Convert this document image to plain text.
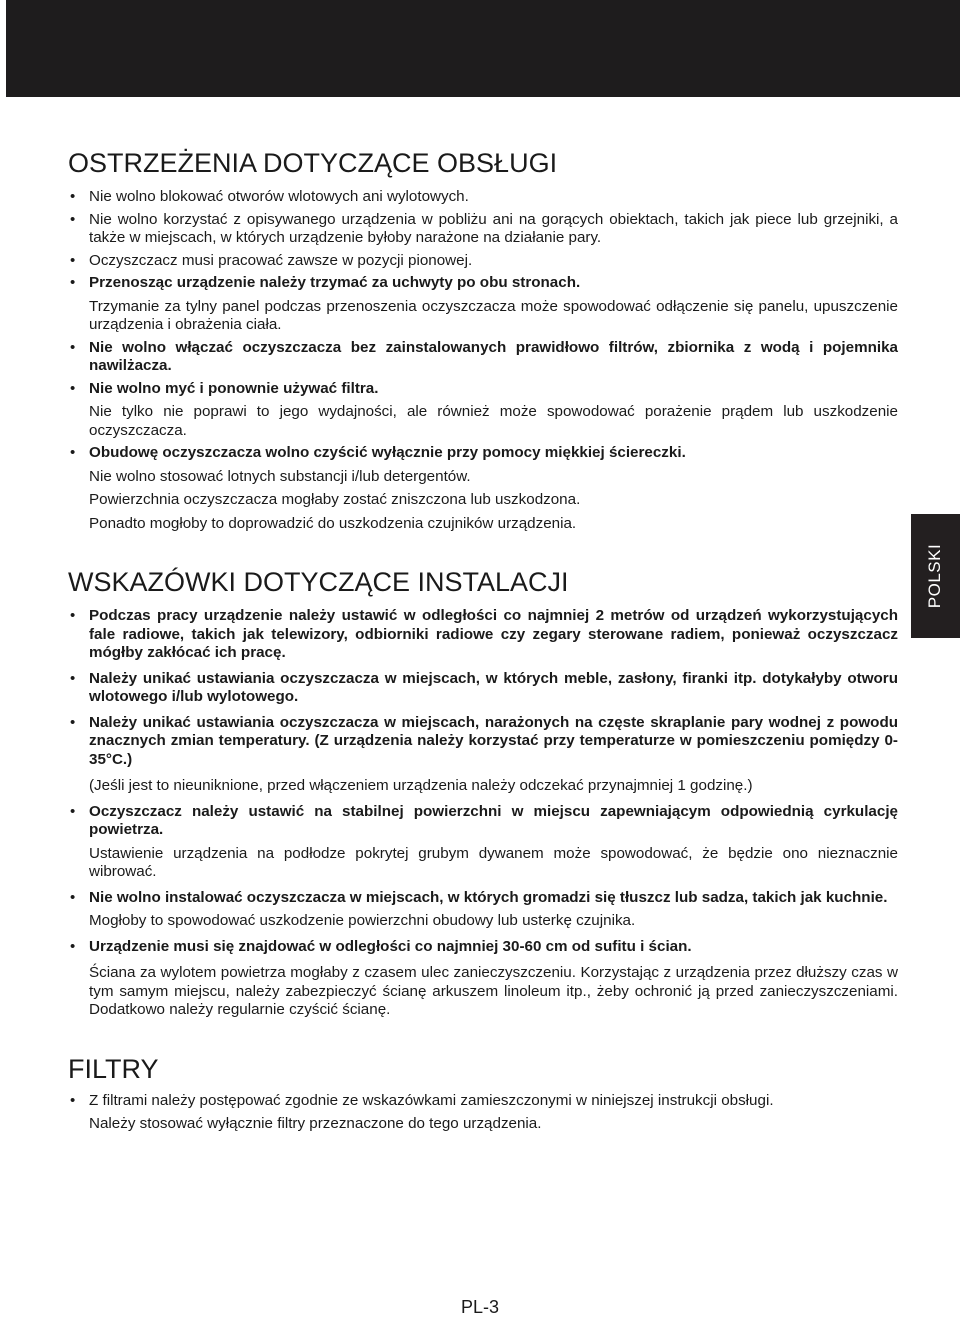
POLSKI
OSTRZEŻENIA DOTYCZĄCE OBSŁUGI
• Nie wolno blokować otworów wlotowych ani wylotowych.
• Nie wolno korzystać z opisywanego urządzenia w pobliżu ani na gorących obiektach, takich jak piece lub grzejniki, a także w miejscach, w których urządzenie byłoby narażone na działanie pary.
• Oczyszczacz musi pracować zawsze w pozycji pionowej.
• Przenosząc urządzenie należy trzymać za uchwyty po obu stronach.

Trzymanie za tylny panel podczas przenoszenia oczyszczacza może spowodować odłączenie się panelu, upuszczenie urządzenia i obrażenia ciała.

• Nie wolno włączać oczyszczacza bez zainstalowanych prawidłowo filtrów, zbiornika z wodą i pojemnika nawilżacza.
• Nie wolno myć i ponownie używać filtra.

Nie tylko nie poprawi to jego wydajności, ale również może spowodować porażenie prądem lub uszkodzenie oczyszczacza.

• Obudowę oczyszczacza wolno czyścić wyłącznie przy pomocy miękkiej ściereczki.

Nie wolno stosować lotnych substancji i/lub detergentów.

Powierzchnia oczyszczacza mogłaby zostać zniszczona lub uszkodzona.

Ponadto mogłoby to doprowadzić do uszkodzenia czujników urządzenia.

WSKAZÓWKI DOTYCZĄCE INSTALACJI
• Podczas pracy urządzenie należy ustawić w odległości co najmniej 2 metrów od urządzeń wykorzystujących fale radiowe, takich jak telewizory, odbiorniki radiowe czy zegary sterowane radiem, ponieważ oczyszczacz mógłby zakłócać ich pracę.
• Należy unikać ustawiania oczyszczacza w miejscach, w których meble, zasłony, firanki itp. dotykałyby otworu wlotowego i/lub wylotowego.
• Należy unikać ustawiania oczyszczacza w miejscach, narażonych na częste skraplanie pary wodnej z powodu znacznych zmian temperatury. (Z urządzenia należy korzystać przy temperaturze w pomieszczeniu pomiędzy 0-35°C.)

(Jeśli jest to nieuniknione, przed włączeniem urządzenia należy odczekać przynajmniej 1 godzinę.)

• Oczyszczacz należy ustawić na stabilnej powierzchni w miejscu zapewniającym odpowiednią cyrkulację powietrza.

Ustawienie urządzenia na podłodze pokrytej grubym dywanem może spowodować, że będzie ono nieznacznie wibrować.

• Nie wolno instalować oczyszczacza w miejscach, w których gromadzi się tłuszcz lub sadza, takich jak kuchnie.

Mogłoby to spowodować uszkodzenie powierzchni obudowy lub usterkę czujnika.

• Urządzenie musi się znajdować w odległości co najmniej 30-60 cm od sufitu i ścian.

Ściana za wylotem powietrza mogłaby z czasem ulec zanieczyszczeniu. Korzystając z urządzenia przez dłuższy czas w tym samym miejscu, należy zabezpieczyć ścianę arkuszem linoleum itp., żeby ochronić ją przed zanieczyszczeniami. Dodatkowo należy regularnie czyścić ścianę.

FILTRY
• Z filtrami należy postępować zgodnie ze wskazówkami zamieszczonymi w niniejszej instrukcji obsługi.

Należy stosować wyłącznie filtry przeznaczone do tego urządzenia.

PL-3
